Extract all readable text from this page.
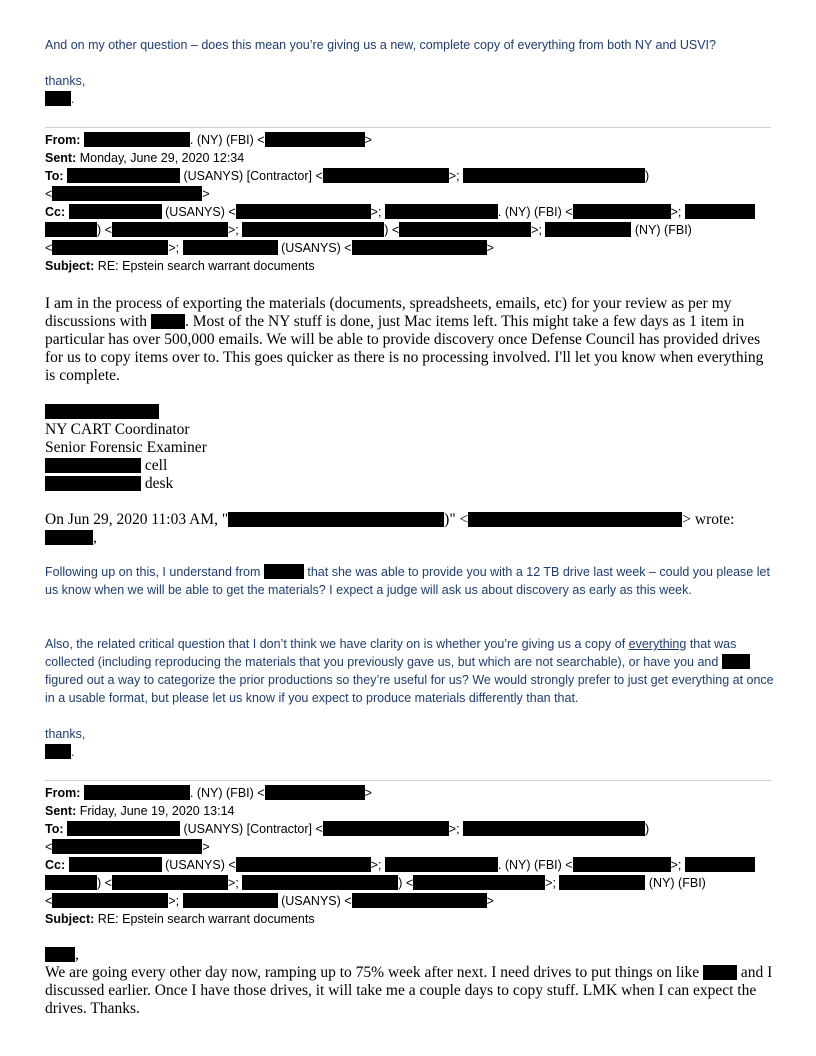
And on my other question – does this mean you’re giving us a new, complete copy of everything from both NY and USVI?
thanks,
.
From:	. (NY) (FBI) <	>
Sent: Monday, June 29, 2020 12:34
To:	(USANYS) [Contractor] <	>;	)
<	>
Cc:	(USANYS) <	>;	. (NY) (FBI) <	>;
) <	>;	) <	>;	(NY) (FBI)
<	>;	(USANYS) <	>
Subject: RE: Epstein search warrant documents
I am in the process of exporting the materials (documents, spreadsheets, emails, etc) for your review as per my discussions with . Most of the NY stuff is done, just Mac items left. This might take a few days as 1 item in particular has over 500,000 emails. We will be able to provide discovery once Defense Council has provided drives for us to copy items over to. This goes quicker as there is no processing involved. I'll let you know when everything is complete.
NY CART Coordinator
Senior Forensic Examiner
cell
desk
On Jun 29, 2020 11:03 AM, "	)" <	> wrote:
,
Following up on this, I understand from	that she was able to provide you with a 12 TB drive last week – could you please let us know when we will be able to get the materials? I expect a judge will ask us about discovery as early as this week.
Also, the related critical question that I don’t think we have clarity on is whether you’re giving us a copy of everything that was collected (including reproducing the materials that you previously gave us, but which are not searchable), or have you and  figured out a way to categorize the prior productions so they’re useful for us? We would strongly prefer to just get everything at once in a usable format, but please let us know if you expect to produce materials differently than that.
thanks,
.
From:	. (NY) (FBI) <	>
Sent: Friday, June 19, 2020 13:14
To:	(USANYS) [Contractor] <	>;	)
<	>
Cc:	(USANYS) <	>;	. (NY) (FBI) <	>;
) <	>;	) <	>;	(NY) (FBI)
<	>;	(USANYS) <	>
Subject: RE: Epstein search warrant documents
,
We are going every other day now, ramping up to 75% week after next. I need drives to put things on like	and I discussed earlier. Once I have those drives, it will take me a couple days to copy stuff. LMK when I can expect the drives. Thanks.
